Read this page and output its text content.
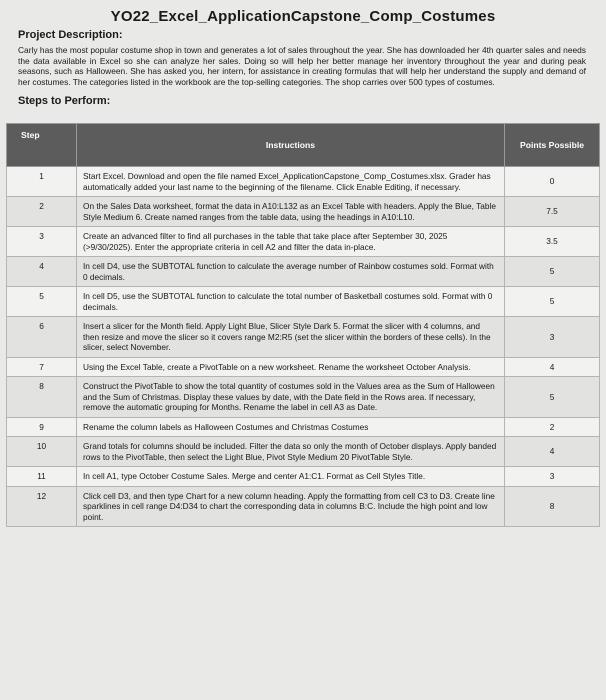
YO22_Excel_ApplicationCapstone_Comp_Costumes
Project Description:

Carly has the most popular costume shop in town and generates a lot of sales throughout the year. She has downloaded her 4th quarter sales and needs the data available in Excel so she can analyze her sales. Doing so will help her better manage her inventory throughout the year and during peak seasons, such as Halloween. She has asked you, her intern, for assistance in creating formulas that will help her understand the supply and demand of her costumes. The categories listed in the workbook are the top-selling categories. The shop carries over 500 types of costumes.

Steps to Perform:
Step	Instructions	Points Possible
1	Start Excel. Download and open the file named Excel_ApplicationCapstone_Comp_Costumes.xlsx. Grader has automatically added your last name to the beginning of the filename. Click Enable Editing, if necessary.	0
2	On the Sales Data worksheet, format the data in A10:L132 as an Excel Table with headers. Apply the Blue, Table Style Medium 6. Create named ranges from the table data, using the headings in A10:L10.	7.5
3	Create an advanced filter to find all purchases in the table that take place after September 30, 2025 (>9/30/2025). Enter the appropriate criteria in cell A2 and filter the data in-place.	3.5
4	In cell D4, use the SUBTOTAL function to calculate the average number of Rainbow costumes sold. Format with 0 decimals.	5
5	In cell D5, use the SUBTOTAL function to calculate the total number of Basketball costumes sold. Format with 0 decimals.	5
6	Insert a slicer for the Month field. Apply Light Blue, Slicer Style Dark 5. Format the slicer with 4 columns, and then resize and move the slicer so it covers range M2:R5 (set the slicer within the borders of these cells). In the slicer, select November.	3
7	Using the Excel Table, create a PivotTable on a new worksheet. Rename the worksheet October Analysis.	4
8	Construct the PivotTable to show the total quantity of costumes sold in the Values area as the Sum of Halloween and the Sum of Christmas. Display these values by date, with the Date field in the Rows area. If necessary, remove the automatic grouping for Months. Rename the label in cell A3 as Date.	5
9	Rename the column labels as Halloween Costumes and Christmas Costumes	2
10	Grand totals for columns should be included. Filter the data so only the month of October displays. Apply banded rows to the PivotTable, then select the Light Blue, Pivot Style Medium 20 PivotTable Style.	4
11	In cell A1, type October Costume Sales. Merge and center A1:C1. Format as Cell Styles Title.	3
12	Click cell D3, and then type Chart for a new column heading. Apply the formatting from cell C3 to D3. Create line sparklines in cell range D4:D34 to chart the corresponding data in columns B:C. Include the high point and low point.	8
